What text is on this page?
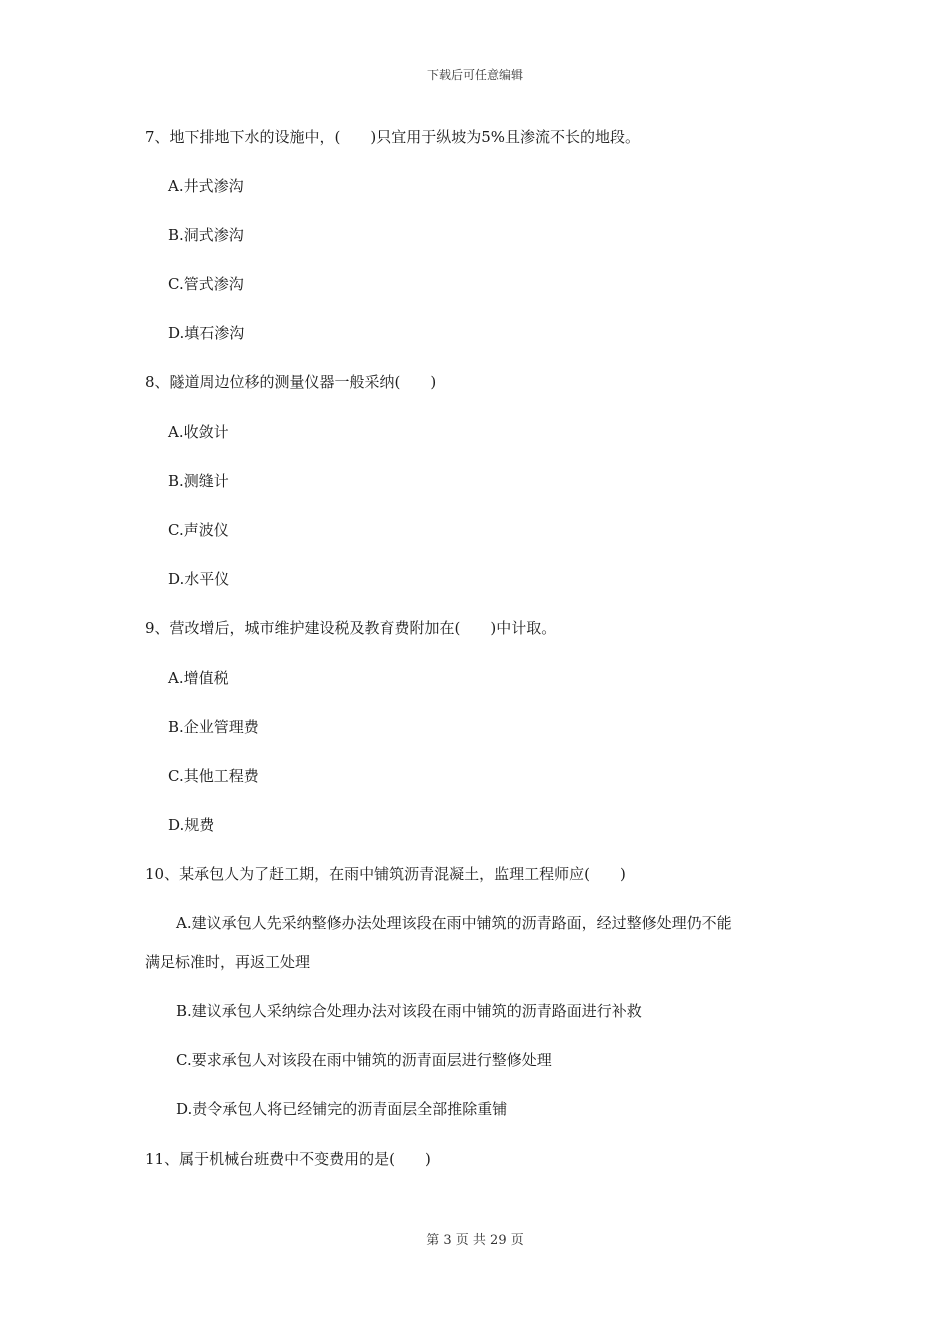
下载后可任意编辑
7、地下排地下水的设施中，(　　)只宜用于纵坡为5%且渗流不长的地段。
A.井式渗沟
B.洞式渗沟
C.管式渗沟
D.填石渗沟
8、隧道周边位移的测量仪器一般采纳(　　)
A.收敛计
B.测缝计
C.声波仪
D.水平仪
9、营改增后，城市维护建设税及教育费附加在(　　)中计取。
A.增值税
B.企业管理费
C.其他工程费
D.规费
10、某承包人为了赶工期，在雨中铺筑沥青混凝土，监理工程师应(　　)
A.建议承包人先采纳整修办法处理该段在雨中铺筑的沥青路面，经过整修处理仍不能
满足标准时，再返工处理
B.建议承包人采纳综合处理办法对该段在雨中铺筑的沥青路面进行补救
C.要求承包人对该段在雨中铺筑的沥青面层进行整修处理
D.责令承包人将已经铺完的沥青面层全部推除重铺
11、属于机械台班费中不变费用的是(　　)
第 3 页 共 29 页
